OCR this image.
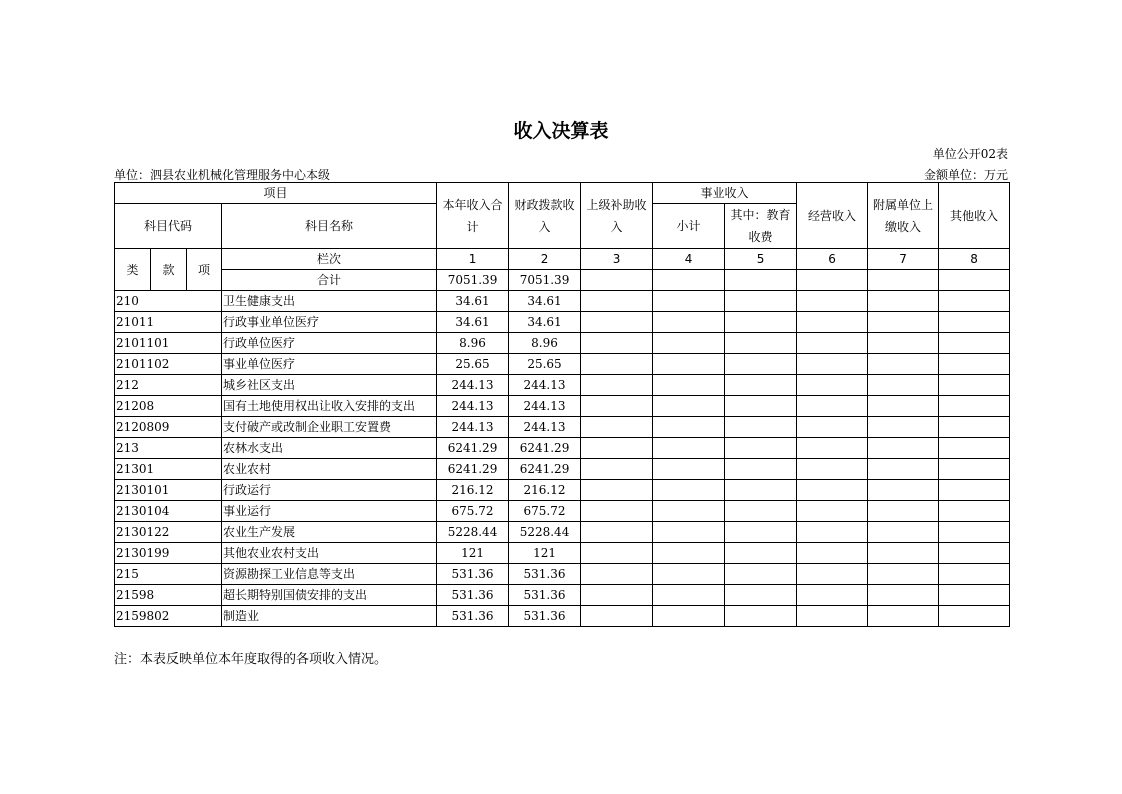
收入决算表
单位公开02表
单位：泗县农业机械化管理服务中心本级	金额单位：万元
项目				本年收入合计	财政拨款收入	上级补助收入	事业收入		经营收入	附属单位上缴收入	其他收入
科目代码			科目名称				小计	其中：教育收费			
类	款	项	栏次	1	2	3	4	5	6	7	8
			合计	7051.39	7051.39						
210			卫生健康支出	34.61	34.61						
21011			行政事业单位医疗	34.61	34.61						
2101101			行政单位医疗	8.96	8.96						
2101102			事业单位医疗	25.65	25.65						
212			城乡社区支出	244.13	244.13						
21208			国有土地使用权出让收入安排的支出	244.13	244.13						
2120809			支付破产或改制企业职工安置费	244.13	244.13						
213			农林水支出	6241.29	6241.29						
21301			农业农村	6241.29	6241.29						
2130101			行政运行	216.12	216.12						
2130104			事业运行	675.72	675.72						
2130122			农业生产发展	5228.44	5228.44						
2130199			其他农业农村支出	121	121						
215			资源勘探工业信息等支出	531.36	531.36						
21598			超长期特别国债安排的支出	531.36	531.36						
2159802			制造业	531.36	531.36						
注：本表反映单位本年度取得的各项收入情况。
